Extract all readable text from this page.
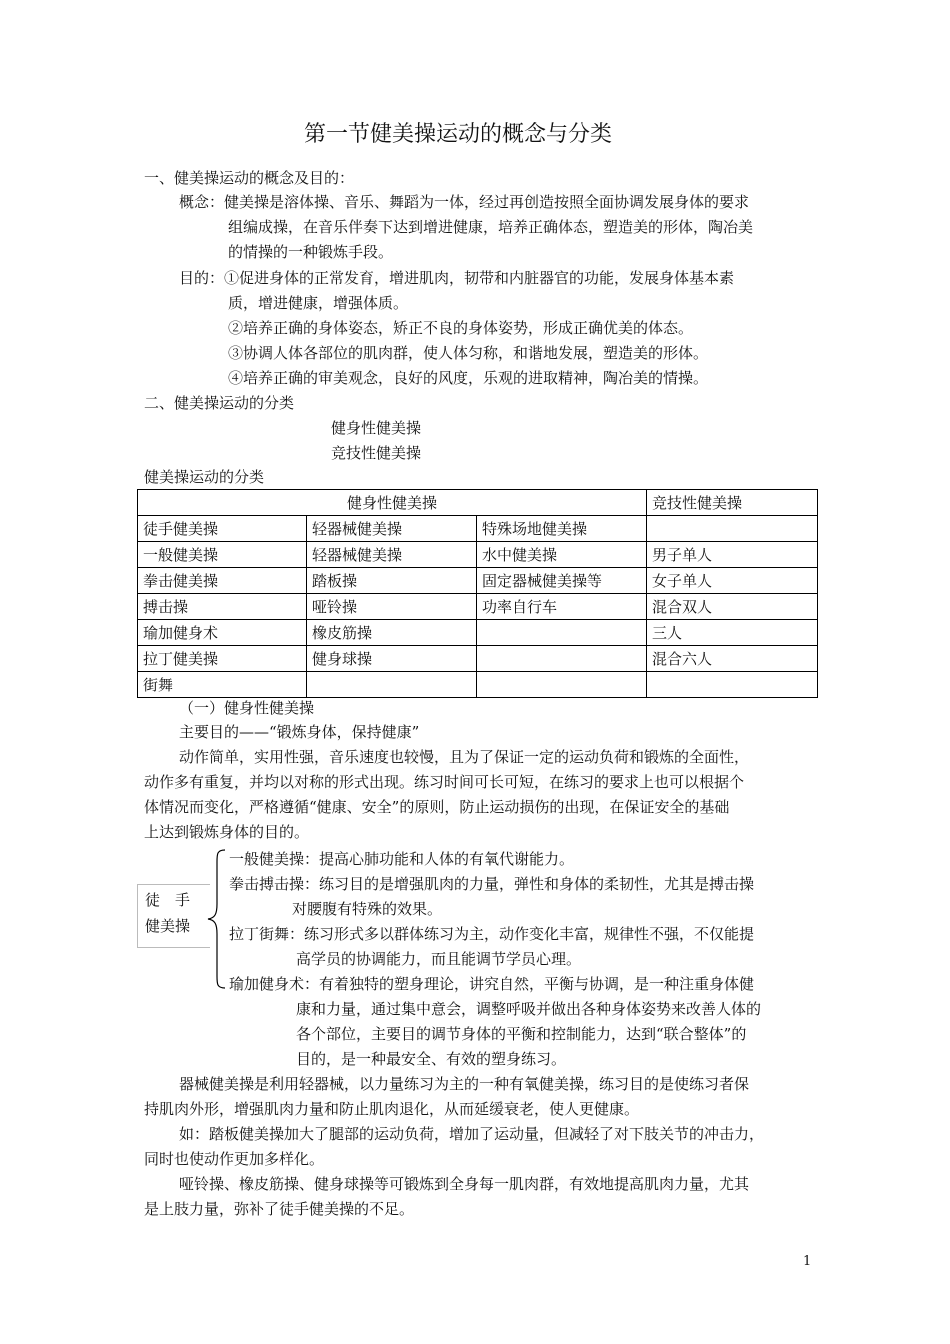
第一节健美操运动的概念与分类
一、健美操运动的概念及目的：
概念：健美操是溶体操、音乐、舞蹈为一体，经过再创造按照全面协调发展身体的要求
组编成操，在音乐伴奏下达到增进健康，培养正确体态，塑造美的形体，陶冶美
的情操的一种锻炼手段。
目的：①促进身体的正常发育，增进肌肉，韧带和内脏器官的功能，发展身体基本素
质，增进健康，增强体质。
②培养正确的身体姿态，矫正不良的身体姿势，形成正确优美的体态。
③协调人体各部位的肌肉群，使人体匀称，和谐地发展，塑造美的形体。
④培养正确的审美观念，良好的风度，乐观的进取精神，陶冶美的情操。
二、健美操运动的分类
健身性健美操
竞技性健美操
健美操运动的分类
健身性健美操			竞技性健美操
徒手健美操	轻器械健美操	特殊场地健美操	
一般健美操	轻器械健美操	水中健美操	男子单人
拳击健美操	踏板操	固定器械健美操等	女子单人
搏击操	哑铃操	功率自行车	混合双人
瑜加健身术	橡皮筋操		三人
拉丁健美操	健身球操		混合六人
街舞			
（一）健身性健美操
主要目的——“锻炼身体，保持健康”
动作简单，实用性强，音乐速度也较慢，且为了保证一定的运动负荷和锻炼的全面性，
动作多有重复，并均以对称的形式出现。练习时间可长可短，在练习的要求上也可以根据个
体情况而变化，严格遵循“健康、安全”的原则，防止运动损伤的出现，在保证安全的基础
上达到锻炼身体的目的。
徒　手
健美操
一般健美操：提高心肺功能和人体的有氧代谢能力。
拳击搏击操：练习目的是增强肌肉的力量，弹性和身体的柔韧性，尤其是搏击操
对腰腹有特殊的效果。
拉丁街舞：练习形式多以群体练习为主，动作变化丰富，规律性不强，不仅能提
高学员的协调能力，而且能调节学员心理。
瑜加健身术：有着独特的塑身理论，讲究自然，平衡与协调，是一种注重身体健
康和力量，通过集中意会，调整呼吸并做出各种身体姿势来改善人体的
各个部位，主要目的调节身体的平衡和控制能力，达到“联合整体”的
目的，是一种最安全、有效的塑身练习。
器械健美操是利用轻器械，以力量练习为主的一种有氧健美操，练习目的是使练习者保
持肌肉外形，增强肌肉力量和防止肌肉退化，从而延缓衰老，使人更健康。
如：踏板健美操加大了腿部的运动负荷，增加了运动量，但减轻了对下肢关节的冲击力，
同时也使动作更加多样化。
哑铃操、橡皮筋操、健身球操等可锻炼到全身每一肌肉群，有效地提高肌肉力量，尤其
是上肢力量，弥补了徒手健美操的不足。
1
